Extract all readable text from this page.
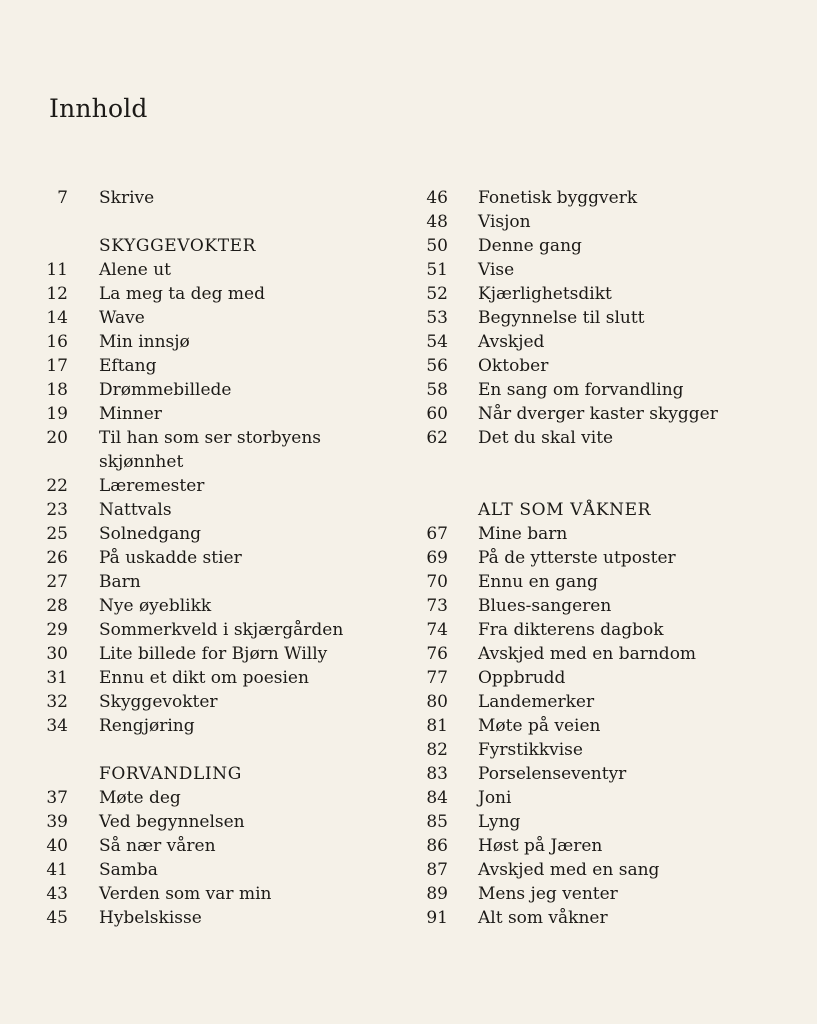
Innhold
7 Skrive
SKYGGEVOKTER
11 Alene ut
12 La meg ta deg med
14 Wave
16 Min innsjø
17 Eftang
18 Drømmebillede
19 Minner
20 Til han som ser storbyens
skjønnhet
22 Læremester
23 Nattvals
25 Solnedgang
26 På uskadde stier
27 Barn
28 Nye øyeblikk
29 Sommerkveld i skjærgården
30 Lite billede for Bjørn Willy
31 Ennu et dikt om poesien
32 Skyggevokter
34 Rengjøring
FORVANDLING
37 Møte deg
39 Ved begynnelsen
40 Så nær våren
41 Samba
43 Verden som var min
45 Hybelskisse
46 Fonetisk byggverk
48 Visjon
50 Denne gang
51 Vise
52 Kjærlighetsdikt
53 Begynnelse til slutt
54 Avskjed
56 Oktober
58 En sang om forvandling
60 Når dverger kaster skygger
62 Det du skal vite
ALT SOM VÅKNER
67 Mine barn
69 På de ytterste utposter
70 Ennu en gang
73 Blues-sangeren
74 Fra dikterens dagbok
76 Avskjed med en barndom
77 Oppbrudd
80 Landemerker
81 Møte på veien
82 Fyrstikkvise
83 Porselenseventyr
84 Joni
85 Lyng
86 Høst på Jæren
87 Avskjed med en sang
89 Mens jeg venter
91 Alt som våkner
